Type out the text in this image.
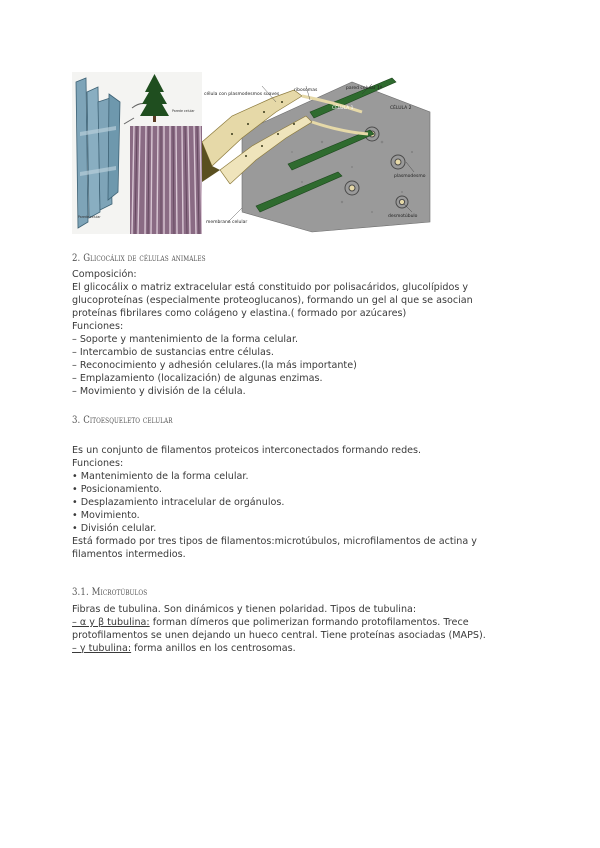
Parede celular
Parede celular
célula con plasmodesmos suaves
ribosomas	pared celular 1ª
CÉLULA 1	CÉLULA 2
plasmodesmo
desmotúbulo
membrana celular
2. Glicocálix de células animales
Composición:
El glicocálix o matriz extracelular está constituido por polisacáridos, glucolípidos y
glucoproteínas (especialmente proteoglucanos), formando un gel al que se asocian
proteínas fibrilares como colágeno y elastina.( formado por azúcares)
Funciones:
– Soporte y mantenimiento de la forma celular.
– Intercambio de sustancias entre células.
– Reconocimiento y adhesión celulares.(la más importante)
– Emplazamiento (localización) de algunas enzimas.
– Movimiento y división de la célula.
3. Citoesqueleto celular
Es un conjunto de filamentos proteicos interconectados formando redes.
Funciones:
• Mantenimiento de la forma celular.
• Posicionamiento.
• Desplazamiento intracelular de orgánulos.
• Movimiento.
• División celular.
Está formado por tres tipos de filamentos:microtúbulos, microfilamentos de actina y
filamentos intermedios.
3.1. Microtúbulos
Fibras de tubulina. Son dinámicos y tienen polaridad. Tipos de tubulina:
– α y β tubulina: forman dímeros que polimerizan formando protofilamentos. Trece
protofilamentos se unen dejando un hueco central. Tiene proteínas asociadas (MAPS).
– γ tubulina: forma anillos en los centrosomas.
